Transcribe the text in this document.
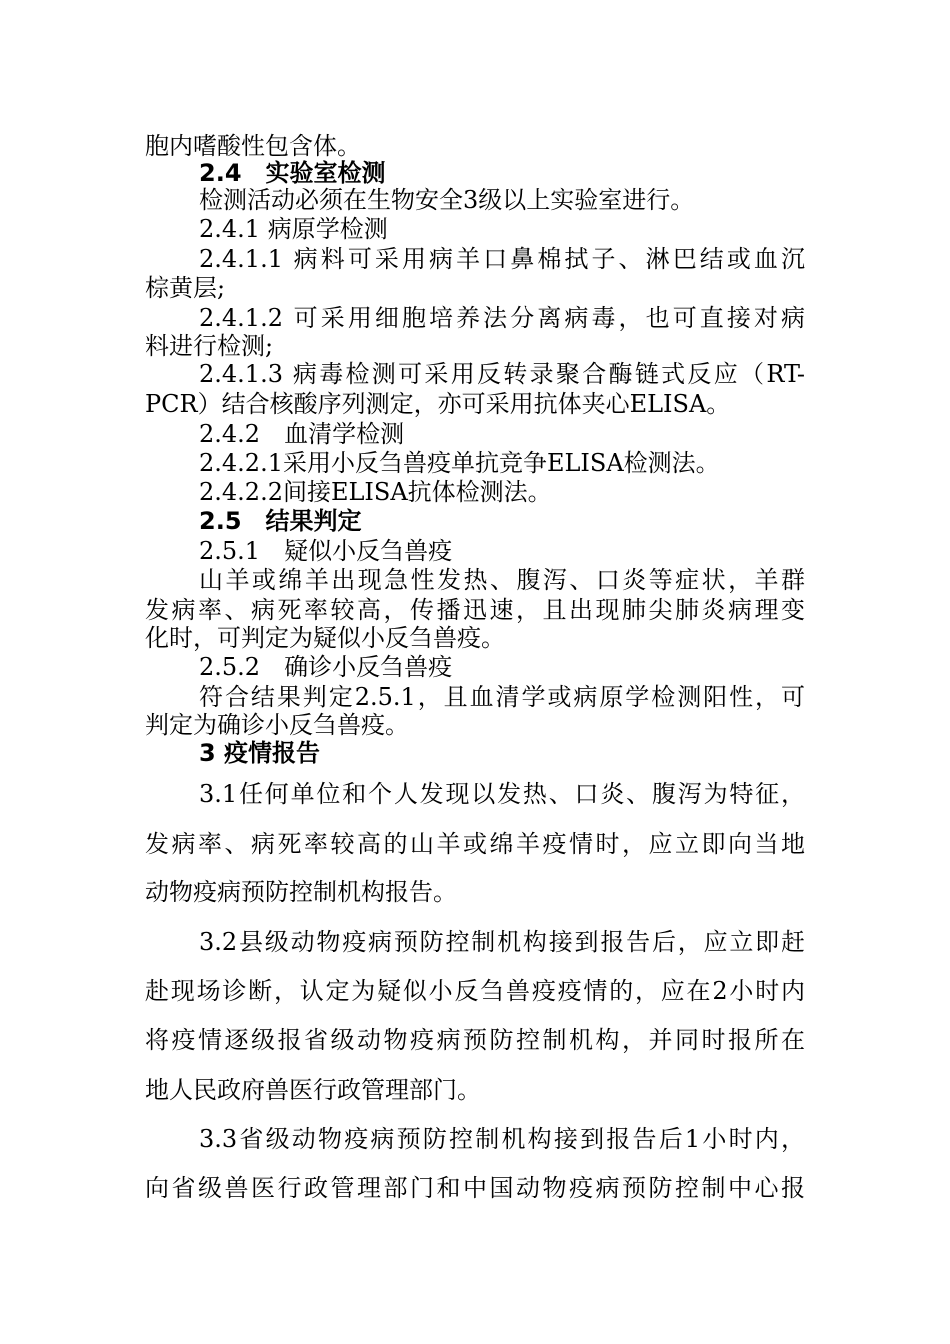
胞内嗜酸性包含体。
2.4　实验室检测
检测活动必须在生物安全3级以上实验室进行。
2.4.1 病原学检测
2.4.1.1 病料可采用病羊口鼻棉拭子、淋巴结或血沉
棕黄层;
2.4.1.2 可采用细胞培养法分离病毒，也可直接对病
料进行检测;
2.4.1.3 病毒检测可采用反转录聚合酶链式反应（RT-
PCR）结合核酸序列测定，亦可采用抗体夹心ELISA。
2.4.2　血清学检测
2.4.2.1采用小反刍兽疫单抗竞争ELISA检测法。
2.4.2.2间接ELISA抗体检测法。
2.5　结果判定
2.5.1　疑似小反刍兽疫
山羊或绵羊出现急性发热、腹泻、口炎等症状，羊群
发病率、病死率较高，传播迅速，且出现肺尖肺炎病理变
化时，可判定为疑似小反刍兽疫。
2.5.2　确诊小反刍兽疫
符合结果判定2.5.1，且血清学或病原学检测阳性，可
判定为确诊小反刍兽疫。
3 疫情报告
3.1任何单位和个人发现以发热、口炎、腹泻为特征，
发病率、病死率较高的山羊或绵羊疫情时，应立即向当地
动物疫病预防控制机构报告。
3.2县级动物疫病预防控制机构接到报告后，应立即赶
赴现场诊断，认定为疑似小反刍兽疫疫情的，应在2小时内
将疫情逐级报省级动物疫病预防控制机构，并同时报所在
地人民政府兽医行政管理部门。
3.3省级动物疫病预防控制机构接到报告后1小时内，
向省级兽医行政管理部门和中国动物疫病预防控制中心报
